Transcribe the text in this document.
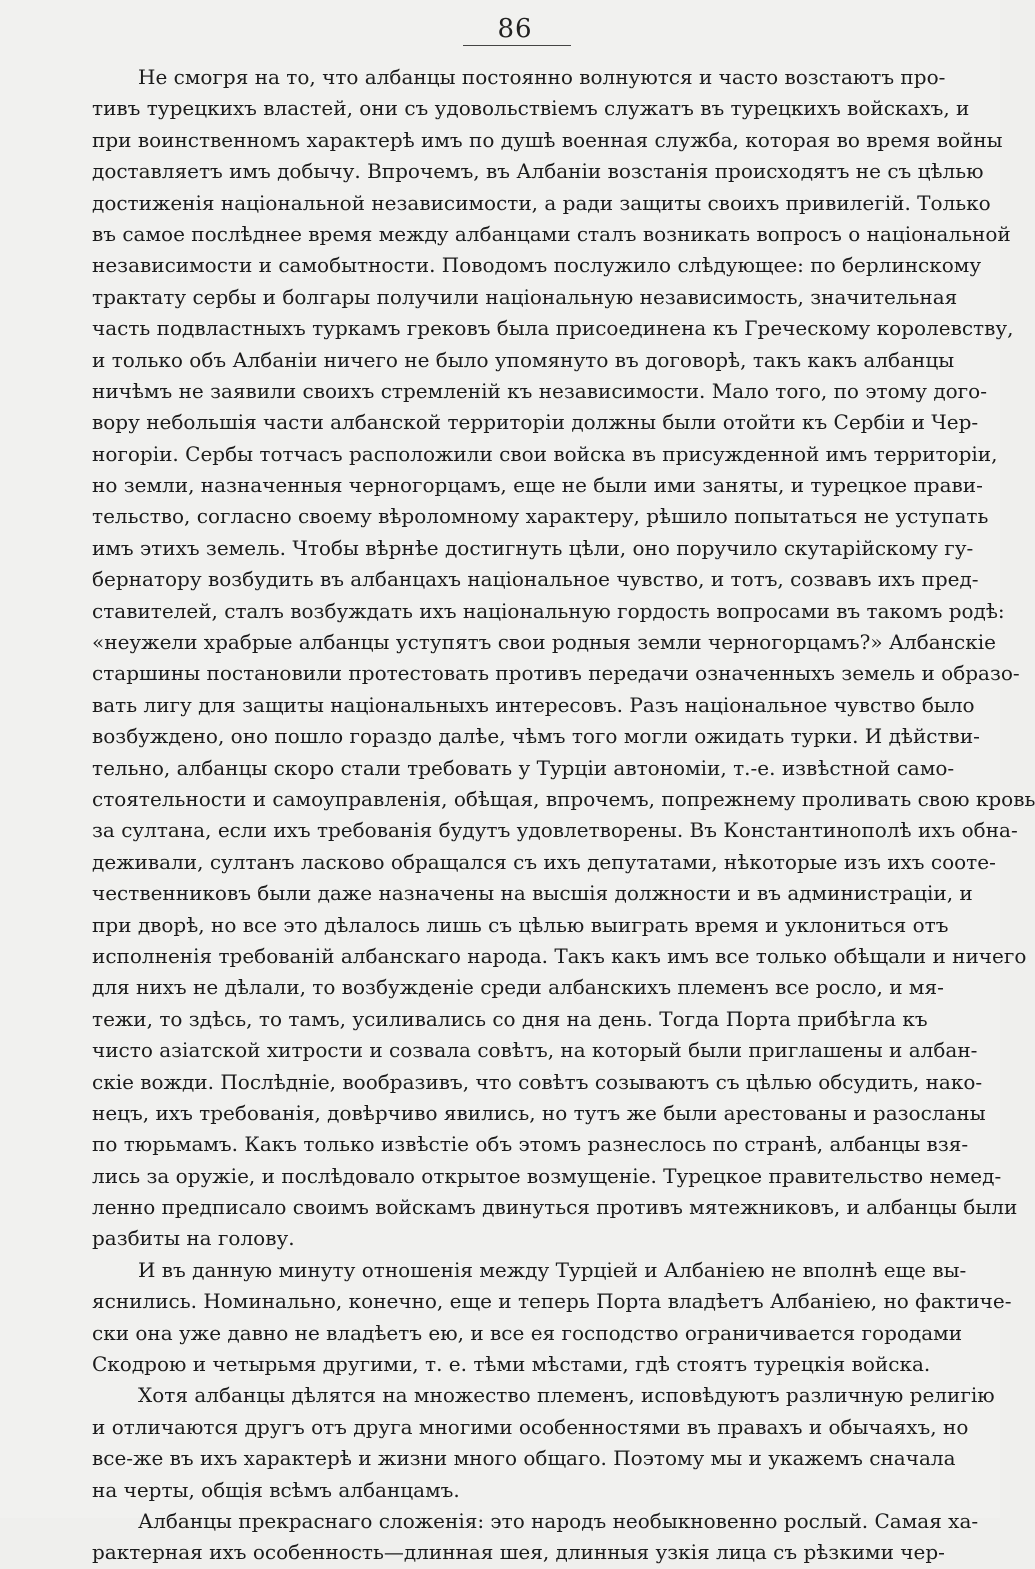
86
Не смогря на то, что албанцы постоянно волнуются и часто возстаютъ про-
тивъ турецкихъ властей, они съ удовольствіемъ служатъ въ турецкихъ войскахъ, и
при воинственномъ характерѣ имъ по душѣ военная служба, которая во время войны
доставляетъ имъ добычу. Впрочемъ, въ Албаніи возстанія происходятъ не съ цѣлью
достиженія національной независимости, а ради защиты своихъ привилегій. Только
въ самое послѣднее время между албанцами сталъ возникать вопросъ о національной
независимости и самобытности. Поводомъ послужило слѣдующее: по берлинскому
трактату сербы и болгары получили національную независимость, значительная
часть подвластныхъ туркамъ грековъ была присоединена къ Греческому королевству,
и только объ Албаніи ничего не было упомянуто въ договорѣ, такъ какъ албанцы
ничѣмъ не заявили своихъ стремленій къ независимости. Мало того, по этому дого-
вору небольшія части албанской территоріи должны были отойти къ Сербіи и Чер-
ногоріи. Сербы тотчасъ расположили свои войска въ присужденной имъ территоріи,
но земли, назначенныя черногорцамъ, еще не были ими заняты, и турецкое прави-
тельство, согласно своему вѣроломному характеру, рѣшило попытаться не уступать
имъ этихъ земель. Чтобы вѣрнѣе достигнуть цѣли, оно поручило скутарійскому гу-
бернатору возбудить въ албанцахъ національное чувство, и тотъ, созвавъ ихъ пред-
ставителей, сталъ возбуждать ихъ національную гордость вопросами въ такомъ родѣ:
«неужели храбрые албанцы уступятъ свои родныя земли черногорцамъ?» Албанскіе
старшины постановили протестовать противъ передачи означенныхъ земель и образо-
вать лигу для защиты національныхъ интересовъ. Разъ національное чувство было
возбуждено, оно пошло гораздо далѣе, чѣмъ того могли ожидать турки. И дѣйстви-
тельно, албанцы скоро стали требовать у Турціи автономіи, т.-е. извѣстной само-
стоятельности и самоуправленія, обѣщая, впрочемъ, попрежнему проливать свою кровь
за султана, если ихъ требованія будутъ удовлетворены. Въ Константинополѣ ихъ обна-
деживали, султанъ ласково обращался съ ихъ депутатами, нѣкоторые изъ ихъ соотe-
чественниковъ были даже назначены на высшія должности и въ администраціи, и
при дворѣ, но все это дѣлалось лишь съ цѣлью выиграть время и уклониться отъ
исполненія требованій албанскаго народа. Такъ какъ имъ все только обѣщали и ничего
для нихъ не дѣлали, то возбужденіе среди албанскихъ племенъ все росло, и мя-
тежи, то здѣсь, то тамъ, усиливались со дня на день. Тогда Порта прибѣгла къ
чисто азіатской хитрости и созвала совѣтъ, на который были приглашены и албан-
скіе вожди. Послѣдніе, вообразивъ, что совѣтъ созываютъ съ цѣлью обсудить, нако-
нецъ, ихъ требованія, довѣрчиво явились, но тутъ же были арестованы и разосланы
по тюрьмамъ. Какъ только извѣстіе объ этомъ разнеслось по странѣ, албанцы взя-
лись за оружіе, и послѣдовало открытое возмущеніе. Турецкое правительство немед-
ленно предписало своимъ войскамъ двинуться противъ мятежниковъ, и албанцы были
разбиты на голову.
И въ данную минуту отношенія между Турціей и Албаніею не вполнѣ еще вы-
яснились. Номинально, конечно, еще и теперь Порта владѣетъ Албаніею, но фактиче-
ски она уже давно не владѣетъ ею, и все ея господство ограничивается городами
Скодрою и четырьмя другими, т. е. тѣми мѣстами, гдѣ стоятъ турецкія войска.
Хотя албанцы дѣлятся на множество племенъ, исповѣдуютъ различную религію
и отличаются другъ отъ друга многими особенностями въ правахъ и обычаяхъ, но
все-же въ ихъ характерѣ и жизни много общаго. Поэтому мы и укажемъ сначала
на черты, общія всѣмъ албанцамъ.
Албанцы прекраснаго сложенія: это народъ необыкновенно рослый. Самая ха-
рактерная ихъ особенность—длинная шея, длинныя узкія лица съ рѣзкими чер-
